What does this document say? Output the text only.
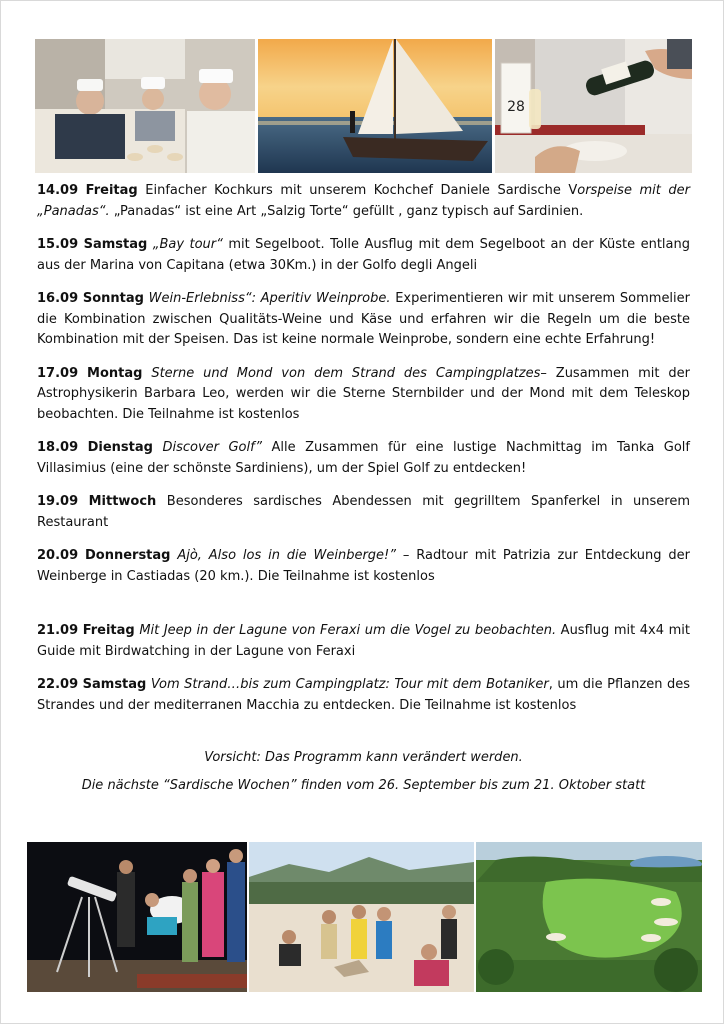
28

14.09 Freitag Einfacher Kochkurs mit unserem Kochchef Daniele Sardische Vorspeise mit der „Panadas“. „Panadas“ ist eine Art „Salzig Torte“ gefüllt , ganz typisch auf Sardinien.

15.09 Samstag „Bay tour“ mit Segelboot. Tolle Ausflug mit dem Segelboot an der Küste entlang aus der Marina von Capitana (etwa 30Km.) in der Golfo degli Angeli

16.09 Sonntag Wein-Erlebniss“: Aperitiv Weinprobe. Experimentieren wir mit unserem Sommelier die Kombination zwischen Qualitäts-Weine und Käse und erfahren wir die Regeln um die beste Kombination mit der Speisen. Das ist keine normale Weinprobe, sondern eine echte Erfahrung!

17.09 Montag Sterne und Mond von dem Strand des Campingplatzes– Zusammen mit der Astrophysikerin Barbara Leo, werden wir die Sterne Sternbilder und der Mond mit dem Teleskop beobachten. Die Teilnahme ist kostenlos

18.09 Dienstag Discover Golf” Alle Zusammen für eine lustige Nachmittag im Tanka Golf Villasimius (eine der schönste Sardiniens), um der Spiel Golf zu entdecken!

19.09 Mittwoch Besonderes sardisches Abendessen mit gegrilltem Spanferkel in unserem Restaurant

20.09 Donnerstag Ajò, Also los in die Weinberge!” – Radtour mit Patrizia zur Entdeckung der Weinberge in Castiadas (20 km.). Die Teilnahme ist kostenlos

21.09 Freitag Mit Jeep in der Lagune von Feraxi um die Vogel zu beobachten. Ausflug mit 4x4 mit Guide mit Birdwatching in der Lagune von Feraxi

22.09 Samstag Vom Strand…bis zum Campingplatz: Tour mit dem Botaniker, um die Pflanzen des Strandes und der mediterranen Macchia zu entdecken. Die Teilnahme ist kostenlos

Vorsicht: Das Programm kann verändert werden.
Die nächste “Sardische Wochen” finden vom 26. September bis zum 21. Oktober statt
